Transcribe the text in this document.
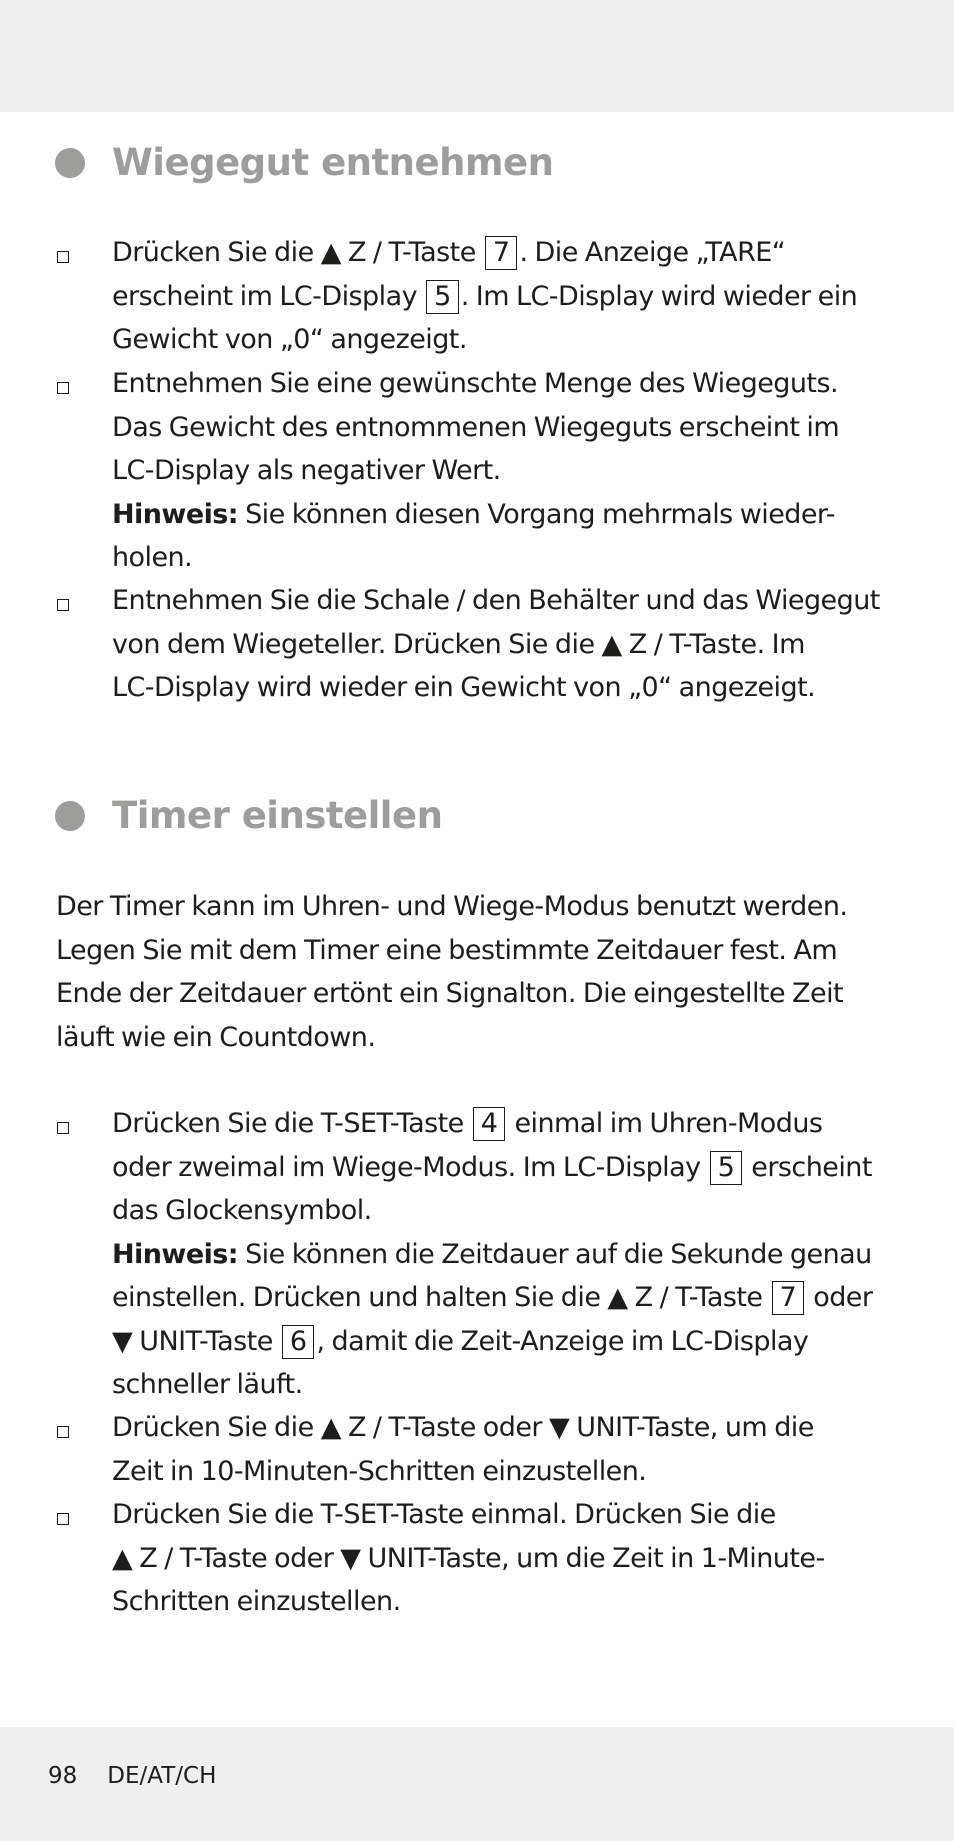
Wiegegut entnehmen
Drücken Sie die ▲ Z / T-Taste 7 . Die Anzeige „TARE“
erscheint im LC-Display 5 . Im LC-Display wird wieder ein
Gewicht von „0“ angezeigt.
Entnehmen Sie eine gewünschte Menge des Wiegeguts.
Das Gewicht des entnommenen Wiegeguts erscheint im
LC-Display als negativer Wert.
Hinweis: Sie können diesen Vorgang mehrmals wieder-
holen.
Entnehmen Sie die Schale / den Behälter und das Wiegegut
von dem Wiegeteller. Drücken Sie die ▲ Z / T-Taste. Im
LC-Display wird wieder ein Gewicht von „0“ angezeigt.
Timer einstellen
Der Timer kann im Uhren- und Wiege-Modus benutzt werden.
Legen Sie mit dem Timer eine bestimmte Zeitdauer fest. Am
Ende der Zeitdauer ertönt ein Signalton. Die eingestellte Zeit
läuft wie ein Countdown.
Drücken Sie die T-SET-Taste 4 einmal im Uhren-Modus
oder zweimal im Wiege-Modus. Im LC-Display 5 erscheint
das Glockensymbol.
Hinweis: Sie können die Zeitdauer auf die Sekunde genau
einstellen. Drücken und halten Sie die ▲ Z / T-Taste 7 oder
▼ UNIT-Taste 6 , damit die Zeit-Anzeige im LC-Display
schneller läuft.
Drücken Sie die ▲ Z / T-Taste oder ▼ UNIT-Taste, um die
Zeit in 10-Minuten-Schritten einzustellen.
Drücken Sie die T-SET-Taste einmal. Drücken Sie die
▲ Z / T-Taste oder ▼ UNIT-Taste, um die Zeit in 1-Minute-
Schritten einzustellen.
98 DE/AT/CH
